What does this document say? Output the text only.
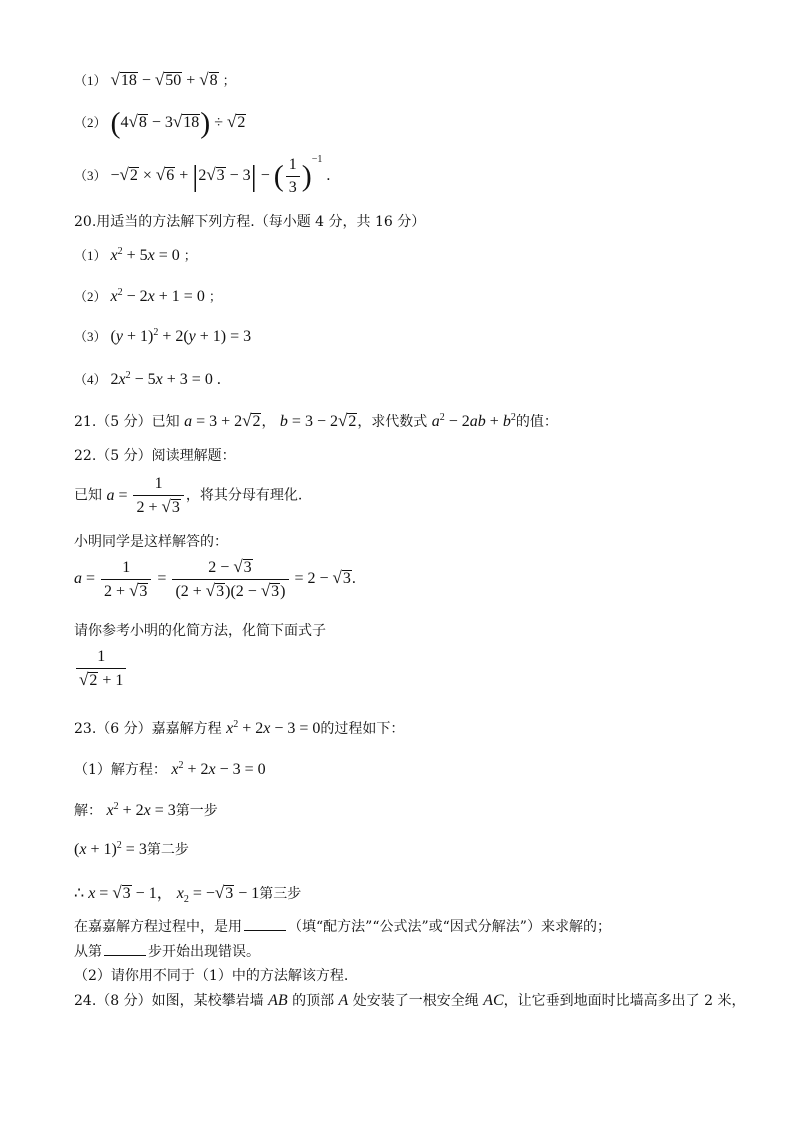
（1） √18 − √50 + √8 ；
（2） (4√8 − 3√18) ÷ √2
（3） −√2 × √6 + |2√3 − 3| − ( $\frac{1}{3} )^{-1}$ .
20.用适当的方法解下列方程.（每小题 4 分，共 16 分）
（1） $x^2 + 5x = 0$ ；
（2） $x^2 - 2x + 1 = 0$ ；
（3） $(y + 1)^2 + 2(y + 1) = 3$
（4） $2x^2 - 5x + 3 = 0$ .
21.（5 分）已知 a = 3 + 2√2， b = 3 − 2√2，求代数式 $a^2 - 2ab + b^2$的值：
22.（5 分）阅读理解题：
已知 $a = \frac{1}{2 + √3}$ ，将其分母有理化.
小明同学是这样解答的：
$a = \frac{1}{2 + √3} = \frac{2 - √3}{(2 + √3)(2 - √3)} = 2 - √3$.
请你参考小明的化简方法，化简下面式子
$\frac{1}{√2 + 1}$
23.（6 分）嘉嘉解方程 $x^2 + 2x - 3 = 0$的过程如下：
（1）解方程： $x^2 + 2x - 3 = 0$
解： $x^2 + 2x = 3$第一步
$(x + 1)^2 = 3$第二步
∴ x = √3 − 1， $x_2 = -√3 - 1$第三步
在嘉嘉解方程过程中，是用	（填“配方法”“公式法”或“因式分解法”）来求解的；
从第	步开始出现错误。
（2）请你用不同于（1）中的方法解该方程.
24.（8 分）如图，某校攀岩墙 AB 的顶部 A 处安装了一根安全绳 AC，让它垂到地面时比墙高多出了 2 米，
